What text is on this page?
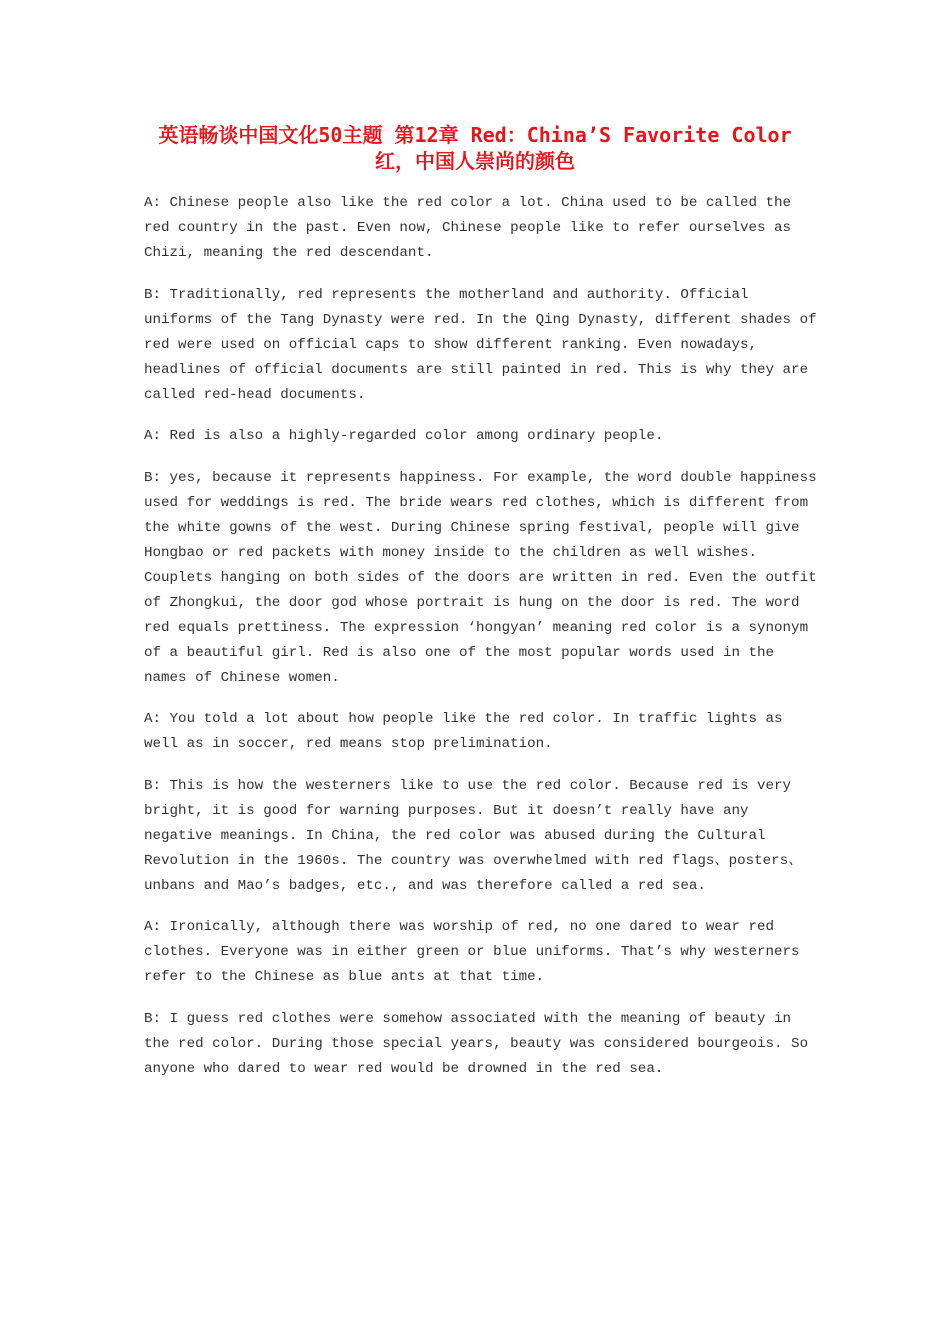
英语畅谈中国文化50主题 第12章 Red：China’S Favorite Color
红，中国人崇尚的颜色
A: Chinese people also like the red color a lot. China used to be called the
red country in the past. Even now, Chinese people like to refer ourselves as
Chizi, meaning the red descendant.
B: Traditionally, red represents the motherland and authority. Official
uniforms of the Tang Dynasty were red. In the Qing Dynasty, different shades of
red were used on official caps to show different ranking. Even nowadays,
headlines of official documents are still painted in red. This is why they are
called red-head documents.
A: Red is also a highly-regarded color among ordinary people.
B: yes, because it represents happiness. For example, the word double happiness
used for weddings is red. The bride wears red clothes, which is different from
the white gowns of the west. During Chinese spring festival, people will give
Hongbao or red packets with money inside to the children as well wishes.
Couplets hanging on both sides of the doors are written in red. Even the outfit
of Zhongkui, the door god whose portrait is hung on the door is red. The word
red equals prettiness. The expression ‘hongyan’ meaning red color is a synonym
of a beautiful girl. Red is also one of the most popular words used in the
names of Chinese women.
A: You told a lot about how people like the red color. In traffic lights as
well as in soccer, red means stop prelimination.
B: This is how the westerners like to use the red color. Because red is very
bright, it is good for warning purposes. But it doesn’t really have any
negative meanings. In China, the red color was abused during the Cultural
Revolution in the 1960s. The country was overwhelmed with red flags、posters、
unbans and Mao’s badges, etc., and was therefore called a red sea.
A: Ironically, although there was worship of red, no one dared to wear red
clothes. Everyone was in either green or blue uniforms. That’s why westerners
refer to the Chinese as blue ants at that time.
B: I guess red clothes were somehow associated with the meaning of beauty in
the red color. During those special years, beauty was considered bourgeois. So
anyone who dared to wear red would be drowned in the red sea.
